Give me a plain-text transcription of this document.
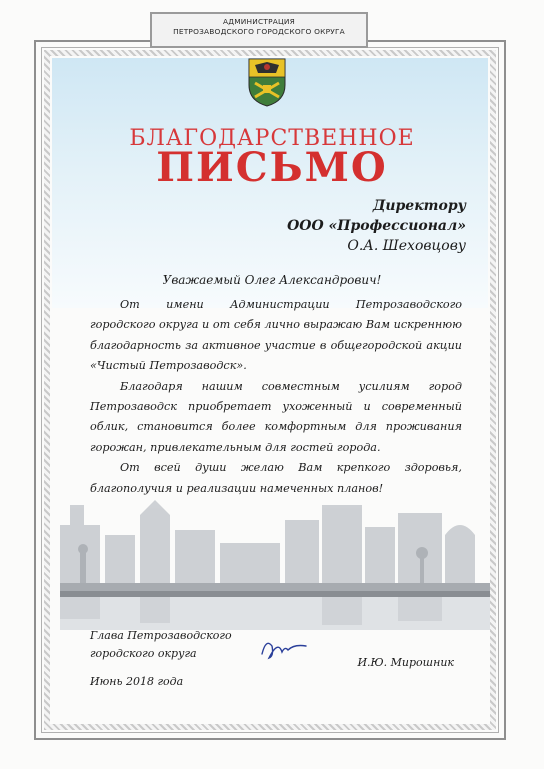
АДМИНИСТРАЦИЯ
ПЕТРОЗАВОДСКОГО ГОРОДСКОГО ОКРУГА
БЛАГОДАРСТВЕННОЕ
ПИСЬМО
Директору
ООО «Профессионал»
О.А. Шеховцову
Уважаемый Олег Александрович!

От имени Администрации Петрозаводского городского округа и от себя лично выражаю Вам искреннюю благодарность за активное участие в общегородской акции «Чистый Петрозаводск».

Благодаря нашим совместным усилиям город Петрозаводск приобретает ухоженный и современный облик, становится более комфортным для проживания горожан, привлекательным для гостей города.

От всей души желаю Вам крепкого здоровья, благополучия и реализации намеченных планов!

Глава Петрозаводского
городского округа
И.Ю. Мирошник
Июнь 2018 года
